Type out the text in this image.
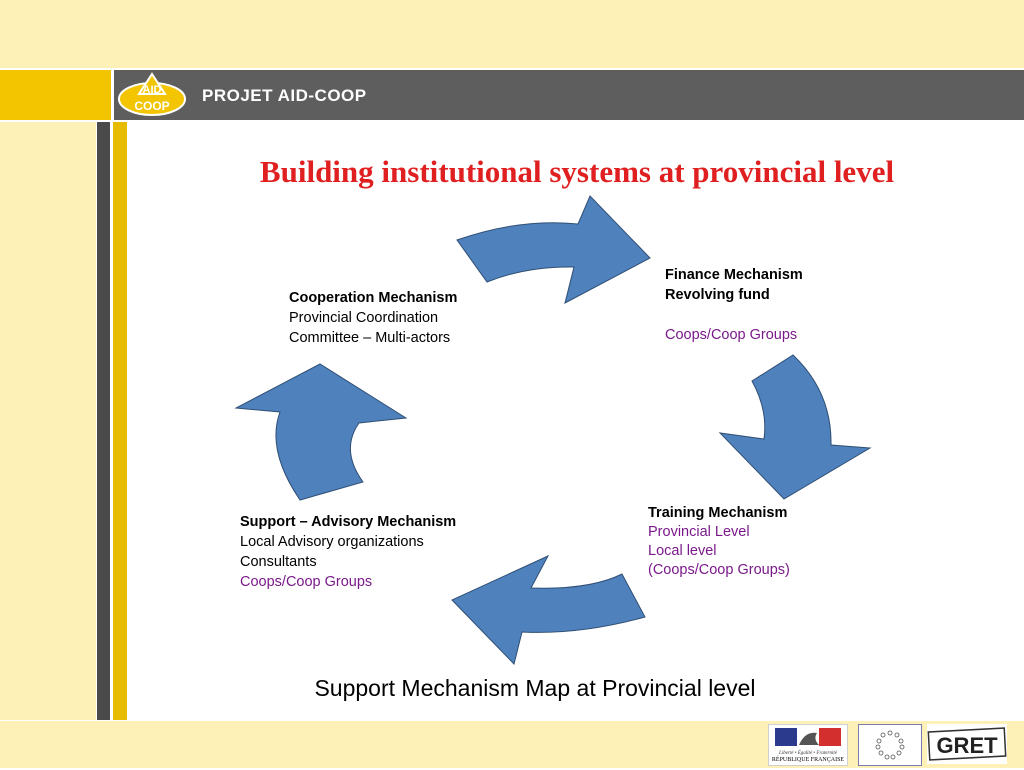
AID
COOP
PROJET AID-COOP
Building institutional systems at provincial level
Finance Mechanism
Revolving fund
Coops/Coop Groups
Cooperation Mechanism
Provincial Coordination
Committee – Multi-actors
Training Mechanism
Provincial Level
Local level
(Coops/Coop Groups)
Support – Advisory Mechanism
Local Advisory organizations
Consultants
Coops/Coop Groups
Support Mechanism Map at Provincial level
Liberté • Égalité • Fraternité
RÉPUBLIQUE FRANÇAISE
GRET
